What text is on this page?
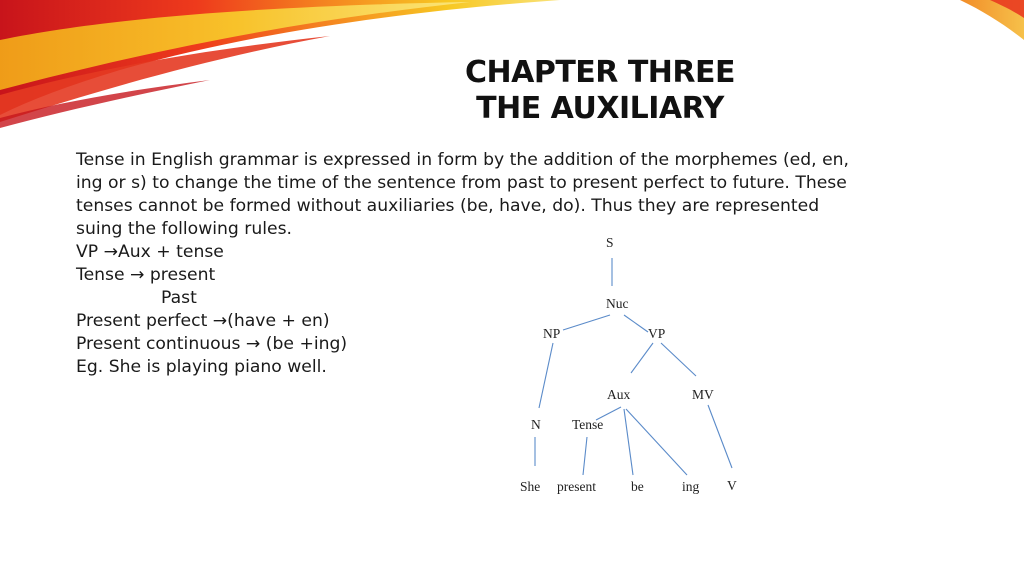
CHAPTER THREE
THE AUXILIARY
Tense in English grammar is expressed in form by the addition of the morphemes (ed, en,
ing or s) to change the time of the sentence from past to present perfect to future. These
tenses cannot be formed without auxiliaries (be, have, do). Thus they are represented
suing the following rules.
VP →Aux + tense
Tense → present
Past
Present perfect →(have + en)
Present continuous → (be +ing)
Eg. She is playing piano well.
S
Nuc
NP	VP
Aux	MV
N Tense
She present	be	ing V
